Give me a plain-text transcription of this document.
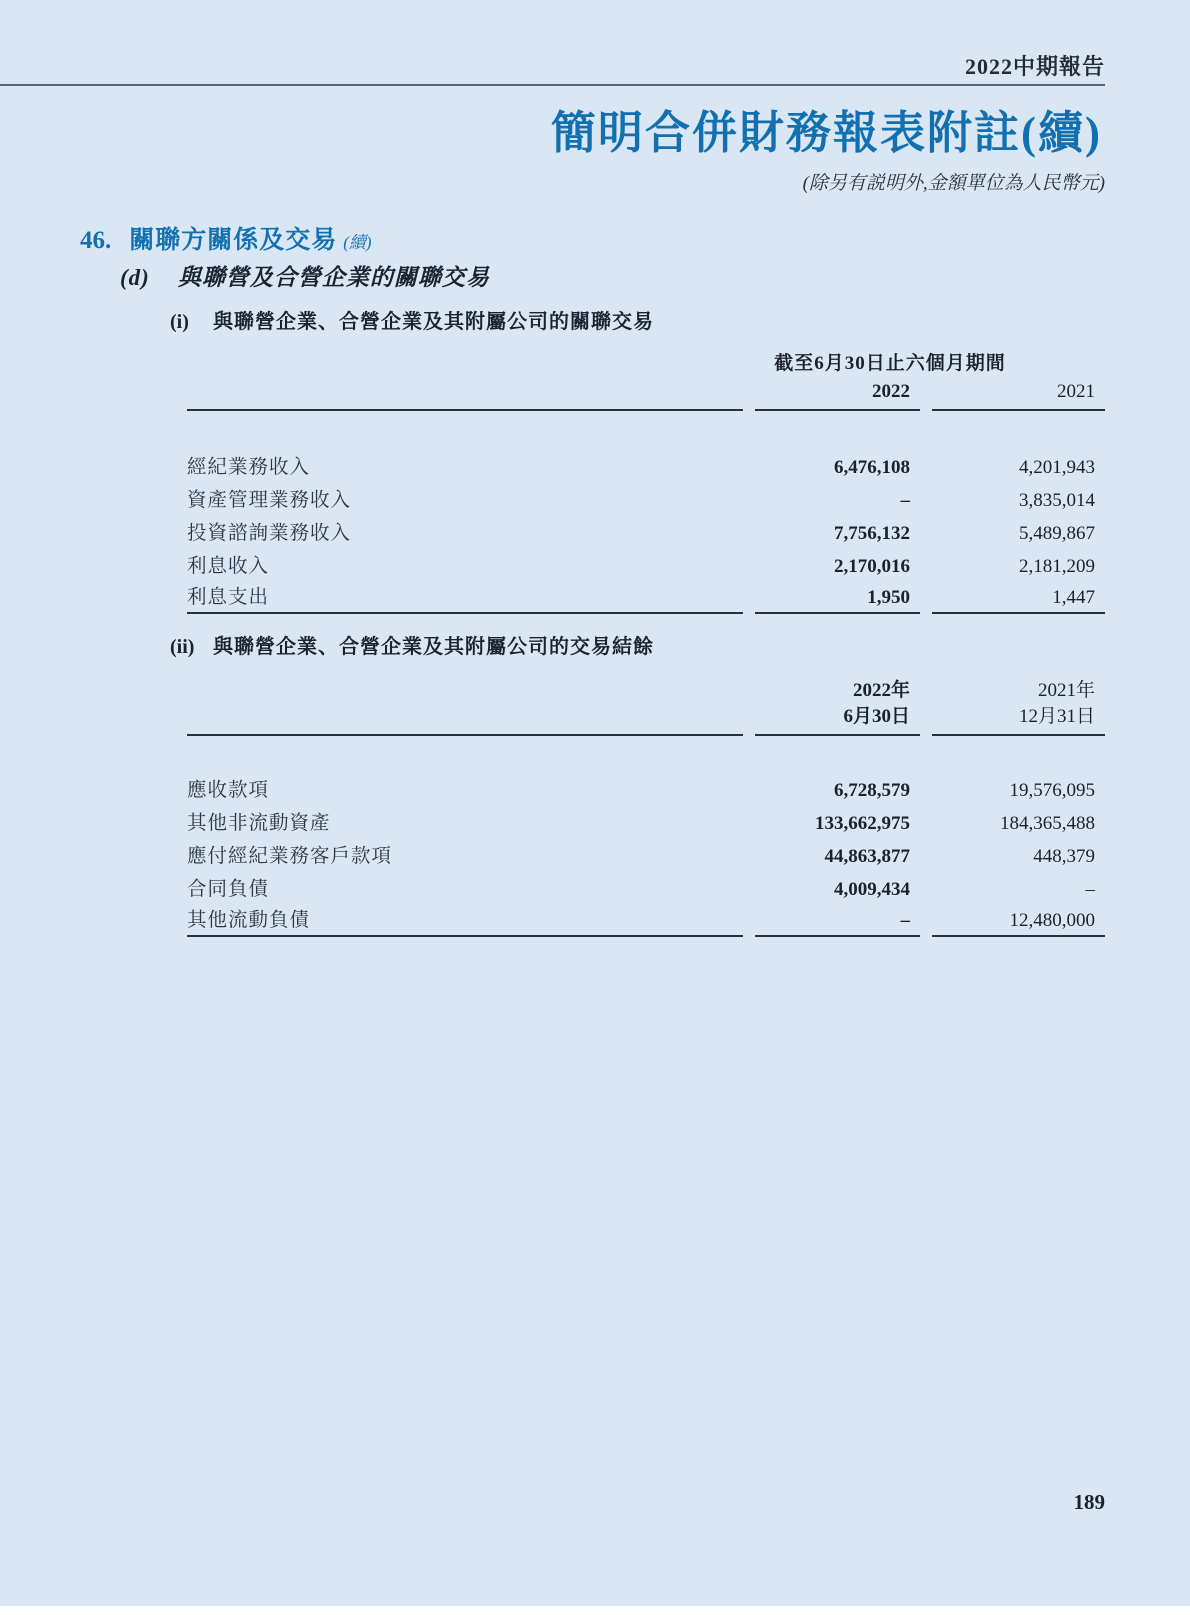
2022中期報告
簡明合併財務報表附註(續)
(除另有説明外,金額單位為人民幣元)
46. 關聯方關係及交易 (續)
(d) 與聯營及合營企業的關聯交易
(i) 與聯營企業、合營企業及其附屬公司的關聯交易
截至6月30日止六個月期間
2022	2021
經紀業務收入	6,476,108	4,201,943
資產管理業務收入	–	3,835,014
投資諮詢業務收入	7,756,132	5,489,867
利息收入	2,170,016	2,181,209
利息支出	1,950	1,447
(ii) 與聯營企業、合營企業及其附屬公司的交易結餘
2022年	2021年
6月30日	12月31日
應收款項	6,728,579	19,576,095
其他非流動資產	133,662,975	184,365,488
應付經紀業務客戶款項	44,863,877	448,379
合同負債	4,009,434	–
其他流動負債	–	12,480,000
189
